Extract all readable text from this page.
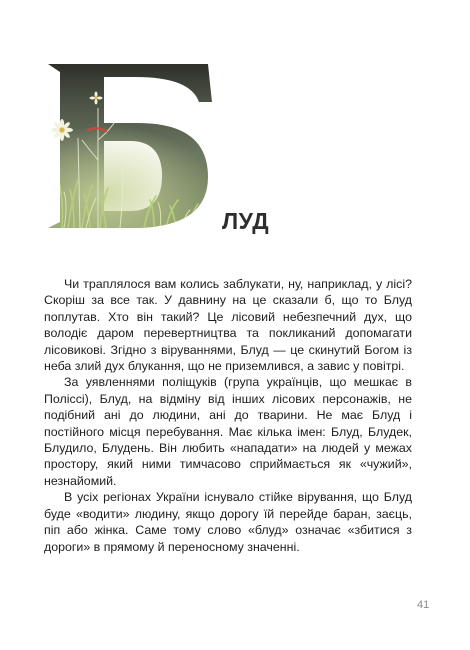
ЛУД

Чи траплялося вам колись заблукати, ну, наприклад, у лісі? Скоріш за все так. У давнину на це сказали б, що то Блуд поплутав. Хто він такий? Це лісовий небезпечний дух, що володіє даром перевертництва та покликаний допомагати лісовикові. Згідно з віруваннями, Блуд — це скинутий Богом із неба злий дух блукання, що не приземлився, а завис у повітрі.

За уявленнями поліщуків (група українців, що мешкає в Поліссі), Блуд, на відміну від інших лісових персонажів, не подібний ані до людини, ані до тварини. Не має Блуд і постійного місця перебування. Має кілька імен: Блуд, Блудек, Блудило, Блудень. Він любить «нападати» на людей у межах простору, який ними тимчасово сприймається як «чужий», незнайомий.

В усіх регіонах України існувало стійке вірування, що Блуд буде «водити» людину, якщо дорогу їй перейде баран, заєць, піп або жінка. Саме тому слово «блуд» означає «збитися з дороги» в прямому й переносному значенні.

41
